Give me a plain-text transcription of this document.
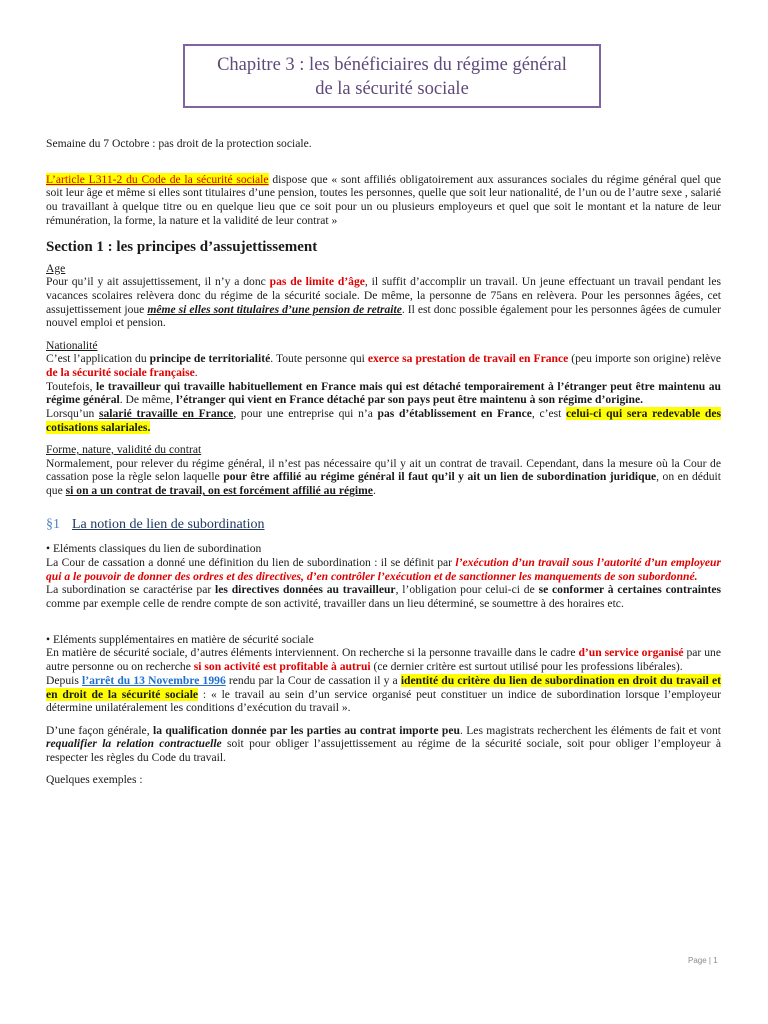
Chapitre 3 : les bénéficiaires du régime général
de la sécurité sociale

Semaine du 7 Octobre : pas droit de la protection sociale.

L’article L311-2 du Code de la sécurité sociale dispose que « sont affiliés obligatoirement aux assurances sociales du régime général quel que soit leur âge et même si elles sont titulaires d’une pension, toutes les personnes, quelle que soit leur nationalité, de l’un ou de l’autre sexe , salarié ou travaillant à quelque titre ou en quelque lieu que ce soit pour un ou plusieurs employeurs et quel que soit le montant et la nature de leur rémunération, la forme, la nature et la validité de leur contrat »

Section 1 : les principes d’assujettissement

Age

Pour qu’il y ait assujettissement, il n’y a donc pas de limite d’âge, il suffit d’accomplir un travail. Un jeune effectuant un travail pendant les vacances scolaires relèvera donc du régime de la sécurité sociale. De même, la personne de 75ans en relèvera. Pour les personnes âgées, cet assujettissement joue même si elles sont titulaires d’une pension de retraite. Il est donc possible également pour les personnes âgées de cumuler nouvel emploi et pension.

Nationalité

C’est l’application du principe de territorialité. Toute personne qui exerce sa prestation de travail en France (peu importe son origine) relève de la sécurité sociale française.

Toutefois, le travailleur qui travaille habituellement en France mais qui est détaché temporairement à l’étranger peut être maintenu au régime général. De même, l’étranger qui vient en France détaché par son pays peut être maintenu à son régime d’origine.

Lorsqu’un salarié travaille en France, pour une entreprise qui n’a pas d’établissement en France, c’est celui-ci qui sera redevable des cotisations salariales.

Forme, nature, validité du contrat

Normalement, pour relever du régime général, il n’est pas nécessaire qu’il y ait un contrat de travail. Cependant, dans la mesure où la Cour de cassation pose la règle selon laquelle pour être affilié au régime général il faut qu’il y ait un lien de subordination juridique, on en déduit que si on a un contrat de travail, on est forcément affilié au régime.

§1 La notion de lien de subordination

• Eléments classiques du lien de subordination

La Cour de cassation a donné une définition du lien de subordination : il se définit par l’exécution d’un travail sous l’autorité d’un employeur qui a le pouvoir de donner des ordres et des directives, d’en contrôler l’exécution et de sanctionner les manquements de son subordonné.

La subordination se caractérise par les directives données au travailleur, l’obligation pour celui-ci de se conformer à certaines contraintes comme par exemple celle de rendre compte de son activité, travailler dans un lieu déterminé, se soumettre à des horaires etc.

• Eléments supplémentaires en matière de sécurité sociale

En matière de sécurité sociale, d’autres éléments interviennent. On recherche si la personne travaille dans le cadre d’un service organisé par une autre personne ou on recherche si son activité est profitable à autrui (ce dernier critère est surtout utilisé pour les professions libérales).

Depuis l’arrêt du 13 Novembre 1996 rendu par la Cour de cassation il y a identité du critère du lien de subordination en droit du travail et en droit de la sécurité sociale : « le travail au sein d’un service organisé peut constituer un indice de subordination lorsque l’employeur détermine unilatéralement les conditions d’exécution du travail ».

D’une façon générale, la qualification donnée par les parties au contrat importe peu. Les magistrats recherchent les éléments de fait et vont requalifier la relation contractuelle soit pour obliger l’assujettissement au régime de la sécurité sociale, soit pour obliger l’employeur à respecter les règles du Code du travail.

Quelques exemples :

Page | 1
